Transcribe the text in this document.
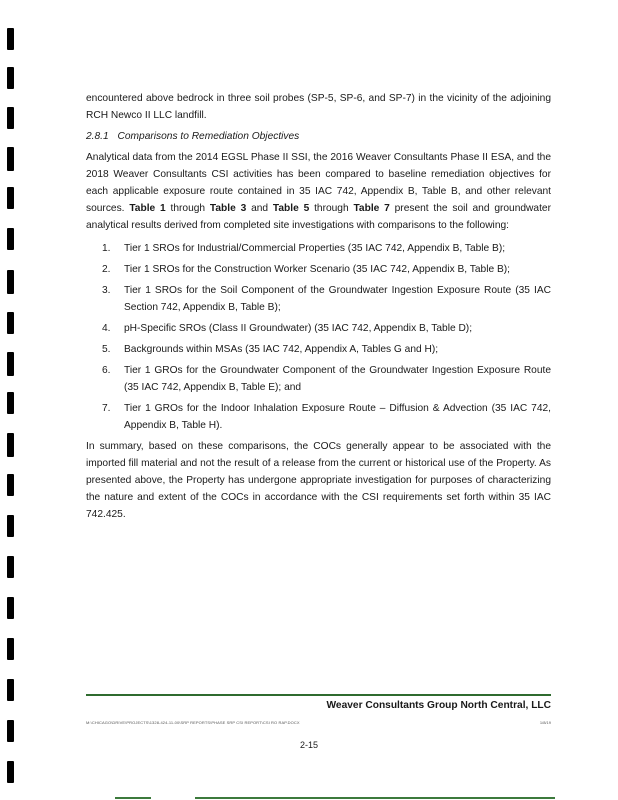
encountered above bedrock in three soil probes (SP-5, SP-6, and SP-7) in the vicinity of the adjoining RCH Newco II LLC landfill.

2.8.1 Comparisons to Remediation Objectives

Analytical data from the 2014 EGSL Phase II SSI, the 2016 Weaver Consultants Phase II ESA, and the 2018 Weaver Consultants CSI activities has been compared to baseline remediation objectives for each applicable exposure route contained in 35 IAC 742, Appendix B, Table B, and other relevant sources. Table 1 through Table 3 and Table 5 through Table 7 present the soil and groundwater analytical results derived from completed site investigations with comparisons to the following:

1. Tier 1 SROs for Industrial/Commercial Properties (35 IAC 742, Appendix B, Table B);
2. Tier 1 SROs for the Construction Worker Scenario (35 IAC 742, Appendix B, Table B);
3. Tier 1 SROs for the Soil Component of the Groundwater Ingestion Exposure Route (35 IAC Section 742, Appendix B, Table B);
4. pH-Specific SROs (Class II Groundwater) (35 IAC 742, Appendix B, Table D);
5. Backgrounds within MSAs (35 IAC 742, Appendix A, Tables G and H);
6. Tier 1 GROs for the Groundwater Component of the Groundwater Ingestion Exposure Route (35 IAC 742, Appendix B, Table E); and
7. Tier 1 GROs for the Indoor Inhalation Exposure Route – Diffusion & Advection (35 IAC 742, Appendix B, Table H).

In summary, based on these comparisons, the COCs generally appear to be associated with the imported fill material and not the result of a release from the current or historical use of the Property. As presented above, the Property has undergone appropriate investigation for purposes of characterizing the nature and extent of the COCs in accordance with the CSI requirements set forth within 35 IAC 742.425.

Weaver Consultants Group North Central, LLC
M:\CHICAGO\DRIVE\PROJECTS\1328-424-11-00\SRP REPORTS\PHASE SRP CSI REPORT\CSI RO RAP.DOCX	1/8/19
2-15
